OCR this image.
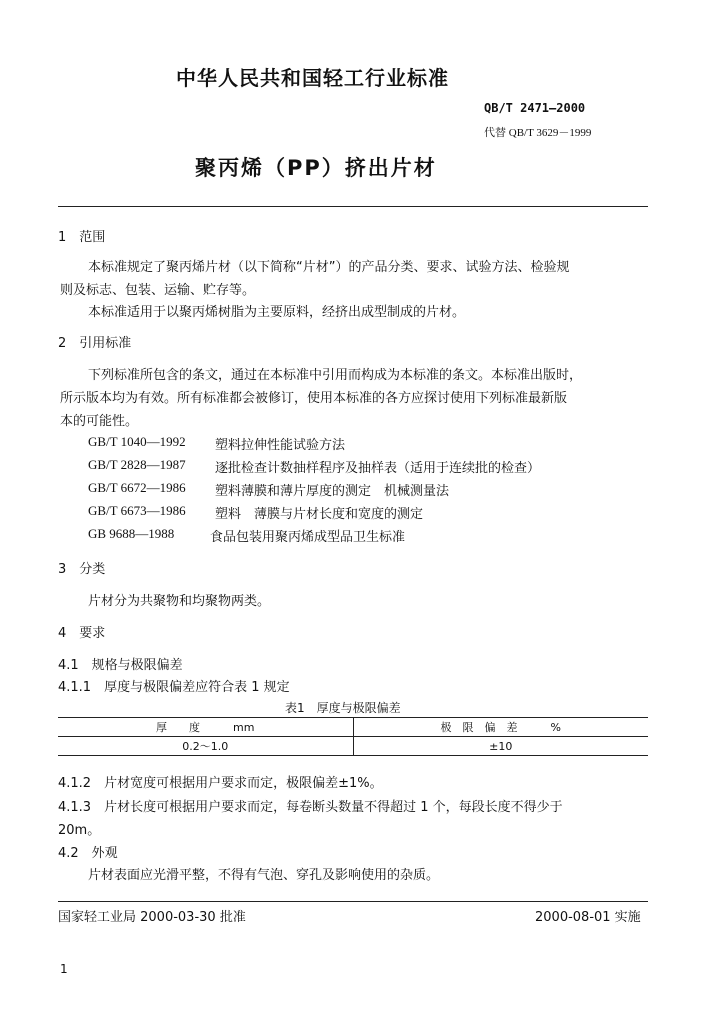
中华人民共和国轻工行业标准
QB/T 2471—2000
代替 QB/T 3629－1999
聚丙烯（PP）挤出片材
1　范围
本标准规定了聚丙烯片材（以下简称“片材”）的产品分类、要求、试验方法、检验规
则及标志、包装、运输、贮存等。
本标准适用于以聚丙烯树脂为主要原料，经挤出成型制成的片材。
2　引用标准
下列标准所包含的条文，通过在本标准中引用而构成为本标准的条文。本标准出版时，
所示版本均为有效。所有标准都会被修订，使用本标准的各方应探讨使用下列标准最新版
本的可能性。
GB/T 1040—1992 塑料拉伸性能试验方法
GB/T 2828—1987 逐批检查计数抽样程序及抽样表（适用于连续批的检查）
GB/T 6672—1986 塑料薄膜和薄片厚度的测定　机械测量法
GB/T 6673—1986 塑料　薄膜与片材长度和宽度的测定
GB 9688—1988	食品包装用聚丙烯成型品卫生标准
3　分类
片材分为共聚物和均聚物两类。
4　要求
4.1　规格与极限偏差
4.1.1　厚度与极限偏差应符合表 1 规定
表1　厚度与极限偏差
厚　　度　　　mm	极　限　偏　差　　　%
0.2～1.0	±10
4.1.2　片材宽度可根据用户要求而定，极限偏差±1%。
4.1.3　片材长度可根据用户要求而定，每卷断头数量不得超过 1 个，每段长度不得少于
20m。
4.2　外观
片材表面应光滑平整，不得有气泡、穿孔及影响使用的杂质。
国家轻工业局 2000-03-30 批准	2000-08-01 实施
1
